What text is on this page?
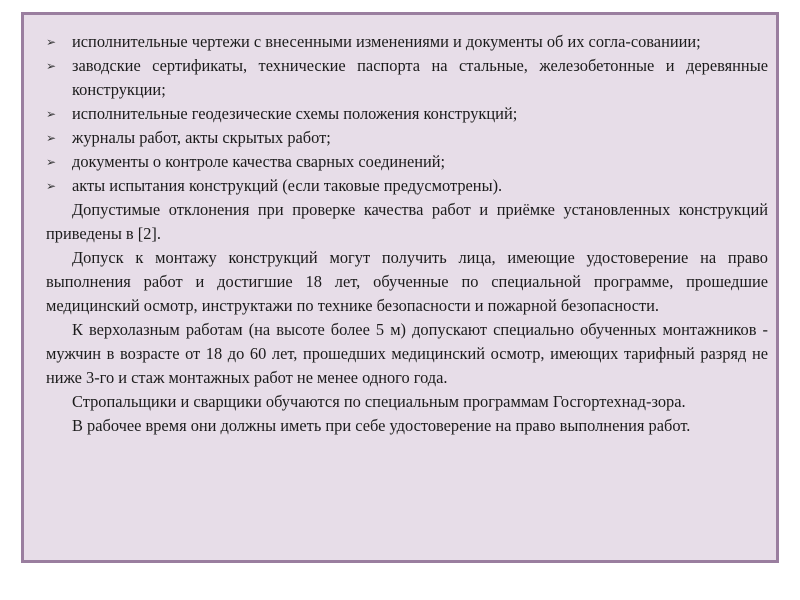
➢ исполнительные чертежи с внесенными изменениями и документы об их согла-сованиии;
➢ заводские сертификаты, технические паспорта на стальные, железобетонные и деревянные конструкции;
➢ исполнительные геодезические схемы положения конструкций;
➢ журналы работ, акты скрытых работ;
➢ документы о контроле качества сварных соединений;
➢ акты испытания конструкций (если таковые предусмотрены).

Допустимые отклонения при проверке качества работ и приёмке установленных конструкций приведены в [2].

Допуск к монтажу конструкций могут получить лица, имеющие удостоверение на право выполнения работ и достигшие 18 лет, обученные по специальной программе, прошедшие медицинский осмотр, инструктажи по технике безопасности и пожарной безопасности.

К верхолазным работам (на высоте более 5 м) допускают специально обученных монтажников - мужчин в возрасте от 18 до 60 лет, прошедших медицинский осмотр, имеющих тарифный разряд не ниже 3-го и стаж монтажных работ не менее одного года.

Стропальщики и сварщики обучаются по специальным программам Госгортехнад-зора.

В рабочее время они должны иметь при себе удостоверение на право выполнения работ.
